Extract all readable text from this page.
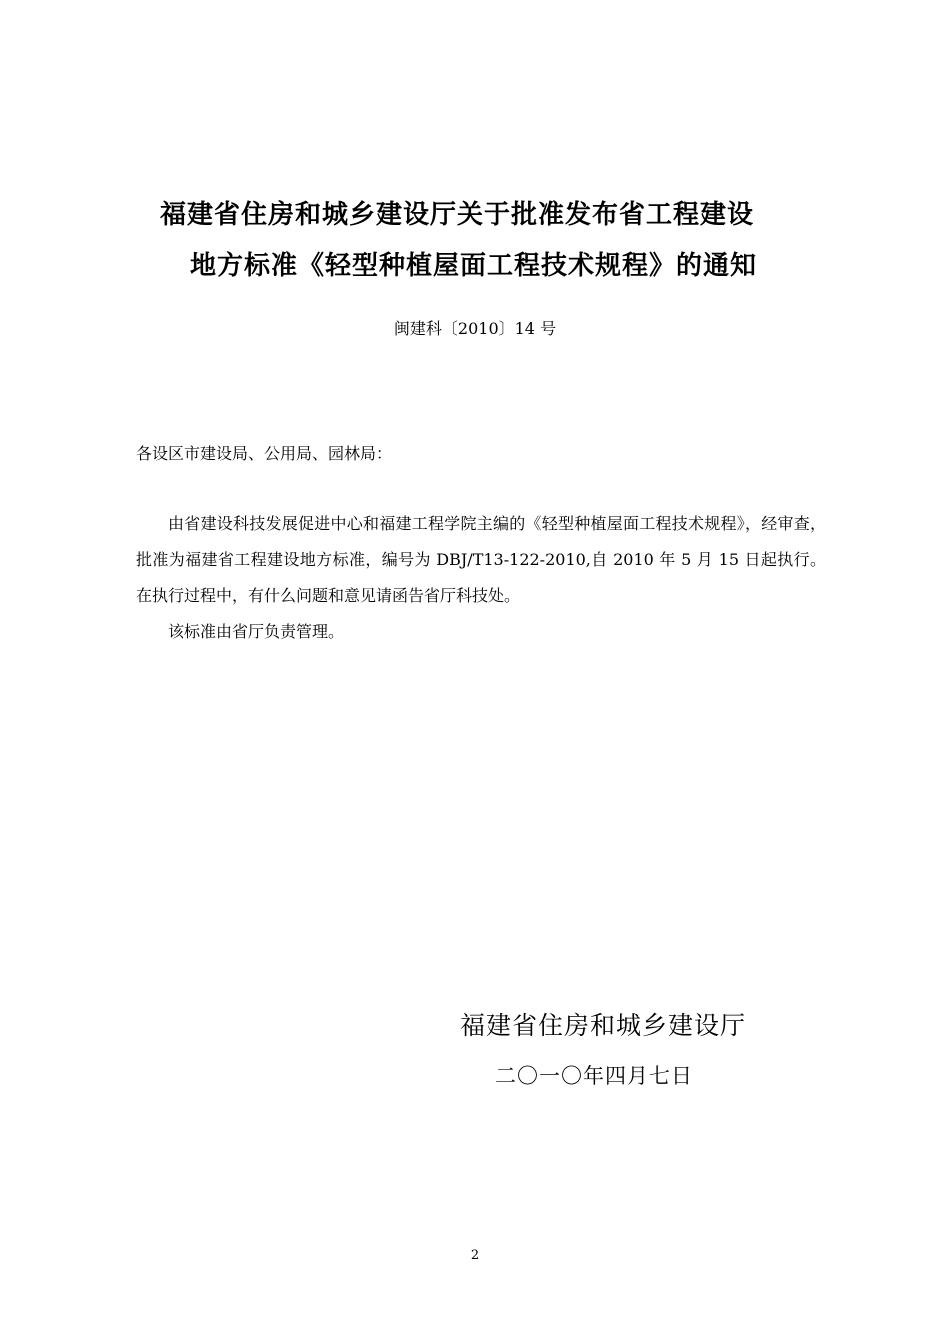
福建省住房和城乡建设厅关于批准发布省工程建设
地方标准《轻型种植屋面工程技术规程》的通知
闽建科〔2010〕14 号
各设区市建设局、公用局、园林局：

由省建设科技发展促进中心和福建工程学院主编的《轻型种植屋面工程技术规程》，经审查，批准为福建省工程建设地方标准，编号为 DBJ/T13-122-2010,自 2010 年 5 月 15 日起执行。在执行过程中，有什么问题和意见请函告省厅科技处。

该标准由省厅负责管理。

福建省住房和城乡建设厅
二〇一〇年四月七日
2
